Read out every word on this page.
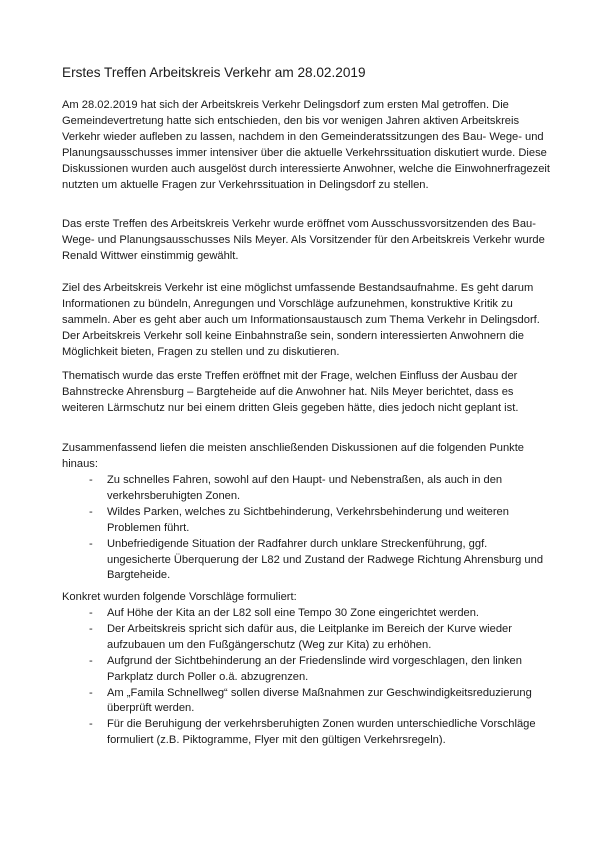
Erstes Treffen Arbeitskreis Verkehr am 28.02.2019

Am 28.02.2019 hat sich der Arbeitskreis Verkehr Delingsdorf zum ersten Mal getroffen. Die Gemeindevertretung hatte sich entschieden, den bis vor wenigen Jahren aktiven Arbeitskreis Verkehr wieder aufleben zu lassen, nachdem in den Gemeinderatssitzungen des Bau- Wege- und Planungsausschusses immer intensiver über die aktuelle Verkehrssituation diskutiert wurde. Diese Diskussionen wurden auch ausgelöst durch interessierte Anwohner, welche die Einwohnerfragezeit nutzten um aktuelle Fragen zur Verkehrssituation in Delingsdorf zu stellen.

Das erste Treffen des Arbeitskreis Verkehr wurde eröffnet vom Ausschussvorsitzenden des Bau- Wege- und Planungsausschusses Nils Meyer. Als Vorsitzender für den Arbeitskreis Verkehr wurde Renald Wittwer einstimmig gewählt.

Ziel des Arbeitskreis Verkehr ist eine möglichst umfassende Bestandsaufnahme. Es geht darum Informationen zu bündeln, Anregungen und Vorschläge aufzunehmen, konstruktive Kritik zu sammeln. Aber es geht aber auch um Informationsaustausch zum Thema Verkehr in Delingsdorf. Der Arbeitskreis Verkehr soll keine Einbahnstraße sein, sondern interessierten Anwohnern die Möglichkeit bieten, Fragen zu stellen und zu diskutieren.

Thematisch wurde das erste Treffen eröffnet mit der Frage, welchen Einfluss der Ausbau der Bahnstrecke Ahrensburg – Bargteheide auf die Anwohner hat. Nils Meyer berichtet, dass es weiteren Lärmschutz nur bei einem dritten Gleis gegeben hätte, dies jedoch nicht geplant ist.

Zusammenfassend liefen die meisten anschließenden Diskussionen auf die folgenden Punkte hinaus:

- Zu schnelles Fahren, sowohl auf den Haupt- und Nebenstraßen, als auch in den verkehrsberuhigten Zonen.
- Wildes Parken, welches zu Sichtbehinderung, Verkehrsbehinderung und weiteren Problemen führt.
- Unbefriedigende Situation der Radfahrer durch unklare Streckenführung, ggf. ungesicherte Überquerung der L82 und Zustand der Radwege Richtung Ahrensburg und Bargteheide.

Konkret wurden folgende Vorschläge formuliert:

- Auf Höhe der Kita an der L82 soll eine Tempo 30 Zone eingerichtet werden.
- Der Arbeitskreis spricht sich dafür aus, die Leitplanke im Bereich der Kurve wieder aufzubauen um den Fußgängerschutz (Weg zur Kita) zu erhöhen.
- Aufgrund der Sichtbehinderung an der Friedenslinde wird vorgeschlagen, den linken Parkplatz durch Poller o.ä. abzugrenzen.
- Am „Famila Schnellweg“ sollen diverse Maßnahmen zur Geschwindigkeitsreduzierung überprüft werden.
- Für die Beruhigung der verkehrsberuhigten Zonen wurden unterschiedliche Vorschläge formuliert (z.B. Piktogramme, Flyer mit den gültigen Verkehrsregeln).
